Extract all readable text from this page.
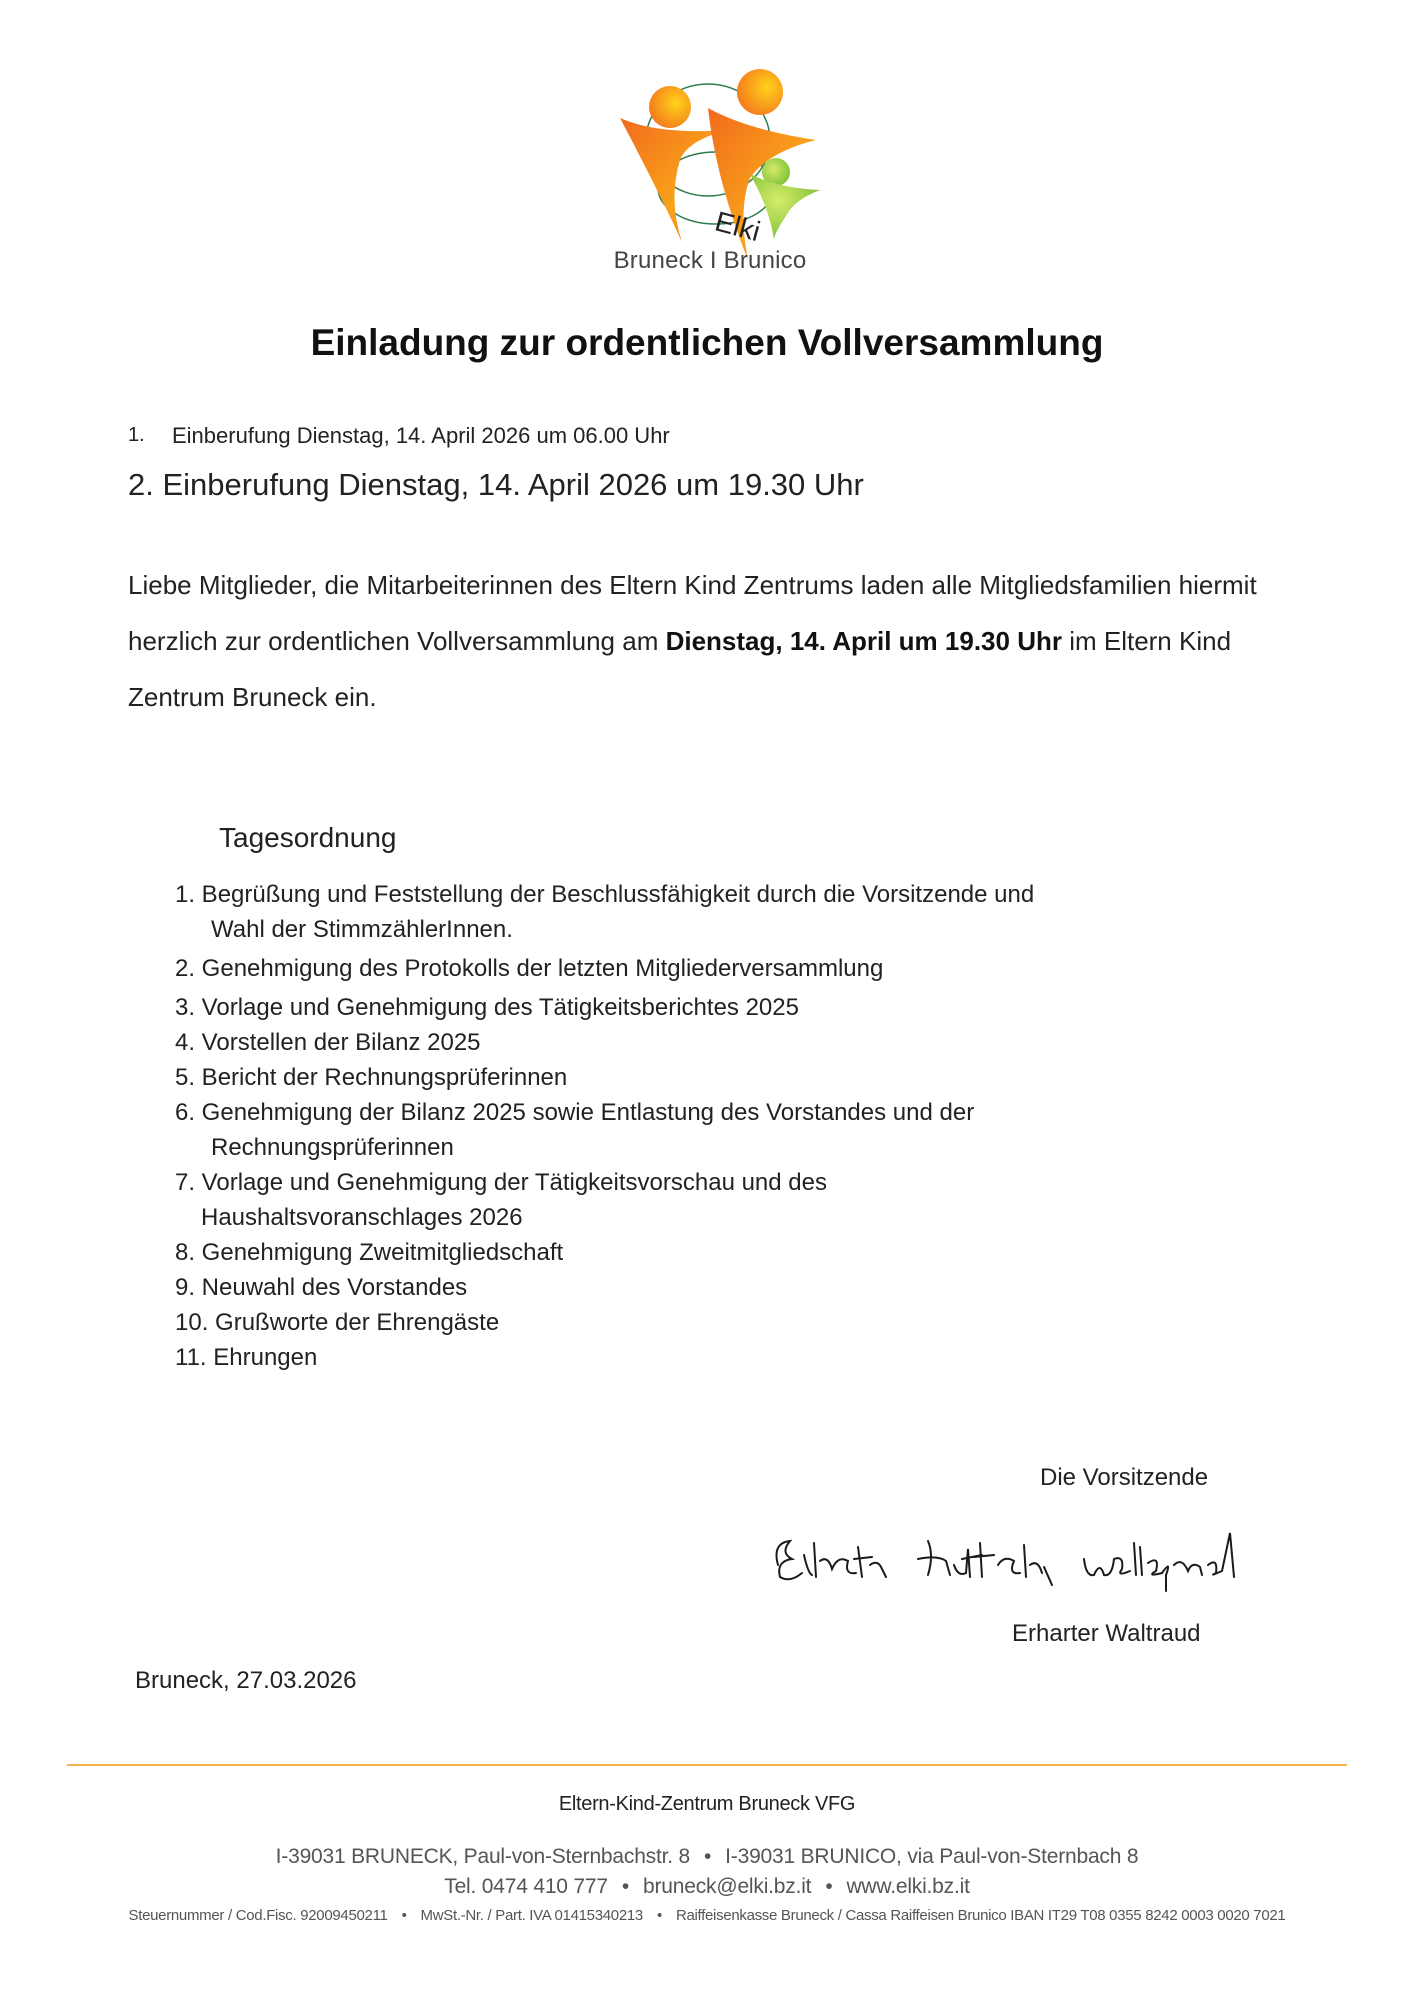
Elki
Bruneck I Brunico
Einladung zur ordentlichen Vollversammlung
1. Einberufung Dienstag, 14. April 2026 um 06.00 Uhr
2. Einberufung Dienstag, 14. April 2026 um 19.30 Uhr
Liebe Mitglieder, die Mitarbeiterinnen des Eltern Kind Zentrums laden alle Mitgliedsfamilien hiermit herzlich zur ordentlichen Vollversammlung am Dienstag, 14. April um 19.30 Uhr im Eltern Kind Zentrum Bruneck ein.
Tagesordnung
1. Begrüßung und Feststellung der Beschlussfähigkeit durch die Vorsitzende und
Wahl der StimmzählerInnen.
2. Genehmigung des Protokolls der letzten Mitgliederversammlung
3. Vorlage und Genehmigung des Tätigkeitsberichtes 2025
4. Vorstellen der Bilanz 2025
5. Bericht der Rechnungsprüferinnen
6. Genehmigung der Bilanz 2025 sowie Entlastung des Vorstandes und der
Rechnungsprüferinnen
7. Vorlage und Genehmigung der Tätigkeitsvorschau und des
Haushaltsvoranschlages 2026
8. Genehmigung Zweitmitgliedschaft
9. Neuwahl des Vorstandes
10. Grußworte der Ehrengäste
11. Ehrungen
Die Vorsitzende
Erharter Waltraud
Bruneck, 27.03.2026
Eltern-Kind-Zentrum Bruneck VFG
I-39031 BRUNECK, Paul-von-Sternbachstr. 8 • I-39031 BRUNICO, via Paul-von-Sternbach 8
Tel. 0474 410 777 • bruneck@elki.bz.it • www.elki.bz.it
Steuernummer / Cod.Fisc. 92009450211 • MwSt.-Nr. / Part. IVA 01415340213 • Raiffeisenkasse Bruneck / Cassa Raiffeisen Brunico IBAN IT29 T08 0355 8242 0003 0020 7021
